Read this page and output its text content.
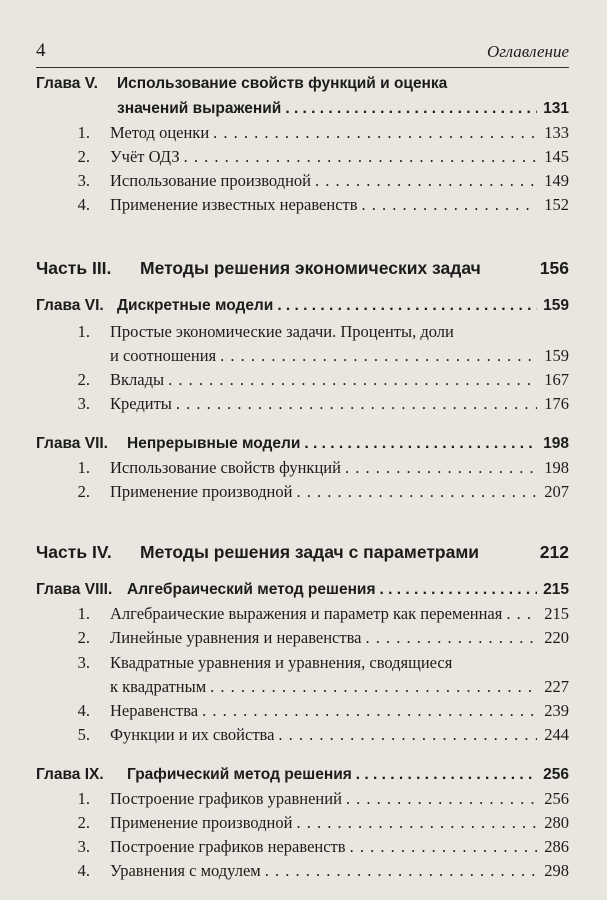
4	Оглавление
Глава V. Использование свойств функций и оценка
значений выражений . . .	131
1. Метод оценки . . .	133
2. Учёт ОДЗ . . .	145
3. Использование производной . . .	149
4. Применение известных неравенств . . .	152
Часть III. Методы решения экономических задач	156
Глава VI. Дискретные модели . . .	159
1. Простые экономические задачи. Проценты, доли
и соотношения . . .	159
2. Вклады . . .	167
3. Кредиты . . .	176
Глава VII. Непрерывные модели . . .	198
1. Использование свойств функций . . .	198
2. Применение производной . . .	207
Часть IV. Методы решения задач с параметрами	212
Глава VIII. Алгебраический метод решения . . .	215
1. Алгебраические выражения и параметр как переменная . . .	215
2. Линейные уравнения и неравенства . . .	220
3. Квадратные уравнения и уравнения, сводящиеся
к квадратным . . .	227
4. Неравенства . . .	239
5. Функции и их свойства . . .	244
Глава IX. Графический метод решения . . .	256
1. Построение графиков уравнений . . .	256
2. Применение производной . . .	280
3. Построение графиков неравенств . . .	286
4. Уравнения с модулем . . .	298
